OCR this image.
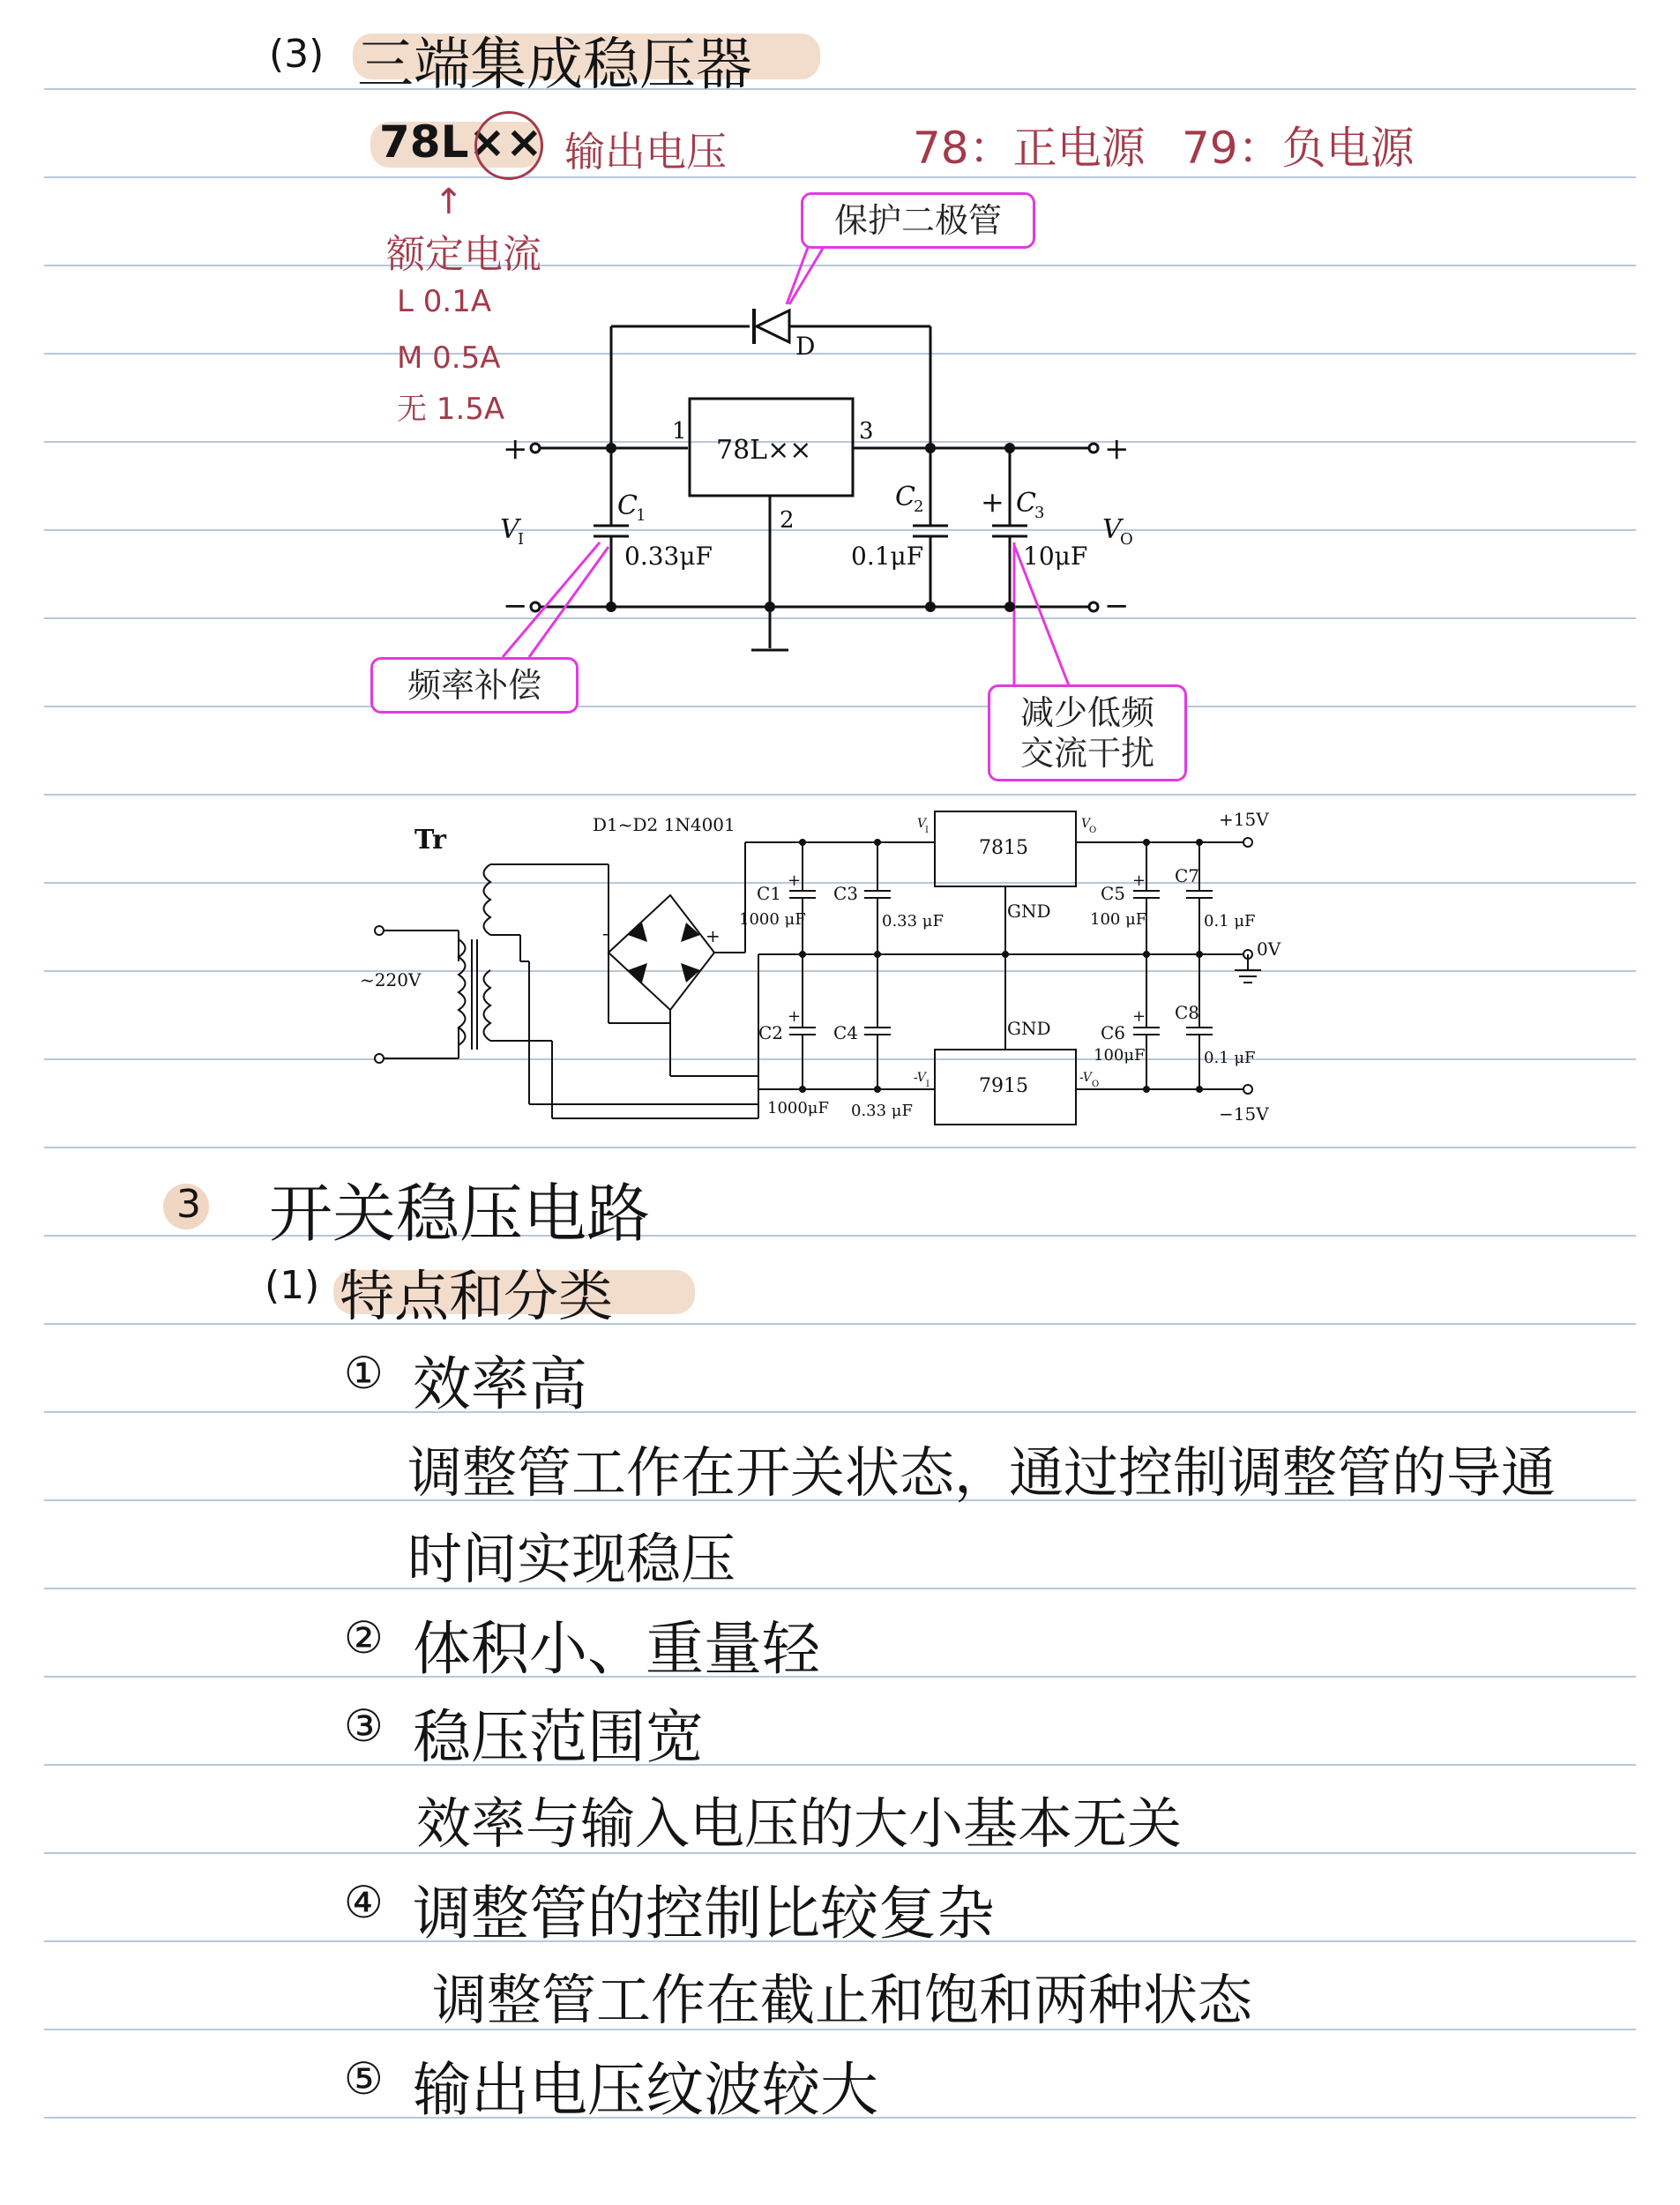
(3) 三端集成稳压器
78L×× 输出电压	78：正电源 79：负电源
↑
额定电流
L 0.1A
M 0.5A
无 1.5A
78L××
1	3
2
D
C
1
0.33μF
C
2
0.1μF
+ C
3
10μF
V
I	V
O
+
−
+
−
保护二极管
频率补偿
减少低频
交流干扰
Tr	D1~D2 1N4001
~220V
-	+
7815
7915
GND
GND
V
I	V
O
-V I	-V O
C1
+
1000 μF
C3
0.33 μF
C2
+
1000μF
C4
0.33 μF
C5
+
100 μF
C7
0.1 μF
C6
+
100μF
C8
0.1 μF
+15V
0V
−15V
3 开关稳压电路
(1) 特点和分类
① 效率高
调整管工作在开关状态，通过控制调整管的导通
时间实现稳压
② 体积小、重量轻
③ 稳压范围宽
效率与输入电压的大小基本无关
④ 调整管的控制比较复杂
调整管工作在截止和饱和两种状态
⑤ 输出电压纹波较大
